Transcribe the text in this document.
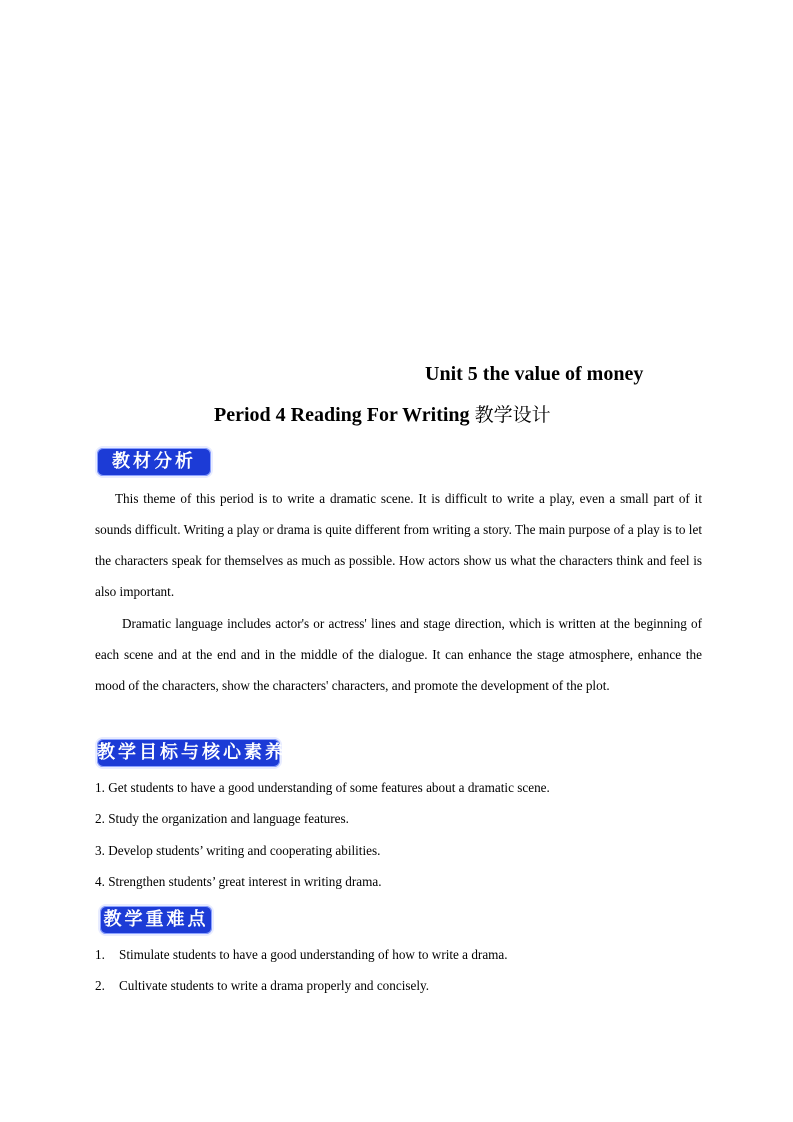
Unit 5 the value of money
Period 4 Reading For Writing 教学设计
教材分析

This theme of this period is to write a dramatic scene. It is difficult to write a play, even a small part of it sounds difficult. Writing a play or drama is quite different from writing a story. The main purpose of a play is to let the characters speak for themselves as much as possible. How actors show us what the characters think and feel is also important.

Dramatic language includes actor's or actress' lines and stage direction, which is written at the beginning of each scene and at the end and in the middle of the dialogue. It can enhance the stage atmosphere, enhance the mood of the characters, show the characters' characters, and promote the development of the plot.

教学目标与核心素养
1. Get students to have a good understanding of some features about a dramatic scene.
2. Study the organization and language features.
3. Develop students’ writing and cooperating abilities.
4. Strengthen students’ great interest in writing drama.
教学重难点
1. Stimulate students to have a good understanding of how to write a drama.
2. Cultivate students to write a drama properly and concisely.
